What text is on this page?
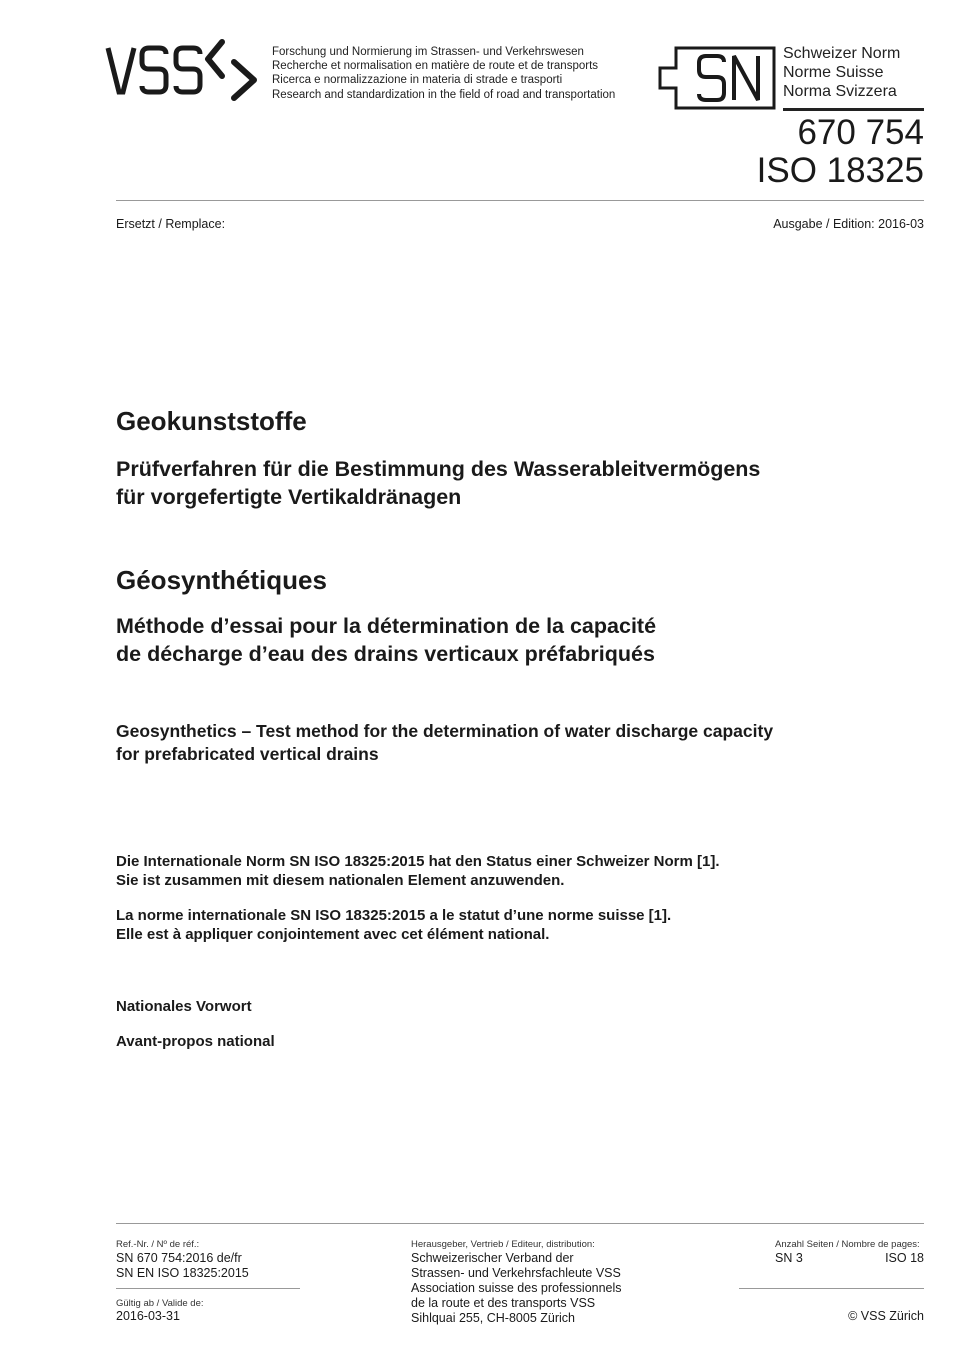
Forschung und Normierung im Strassen- und Verkehrswesen
Recherche et normalisation en matière de route et de transports
Ricerca e normalizzazione in materia di strade e trasporti
Research and standardization in the field of road and transportation
Schweizer Norm
Norme Suisse
Norma Svizzera
670 754
ISO 18325
Ersetzt / Remplace:	Ausgabe / Edition: 2016-03
Geokunststoffe
Prüfverfahren für die Bestimmung des Wasserableitvermögens
für vorgefertigte Vertikaldränagen
Géosynthétiques
Méthode d’essai pour la détermination de la capacité
de décharge d’eau des drains verticaux préfabriqués
Geosynthetics – Test method for the determination of water discharge capacity
for prefabricated vertical drains
Die Internationale Norm SN ISO 18325:2015 hat den Status einer Schweizer Norm [1].
Sie ist zusammen mit diesem nationalen Element anzuwenden.
La norme internationale SN ISO 18325:2015 a le statut d’une norme suisse [1].
Elle est à appliquer conjointement avec cet élément national.
Nationales Vorwort
Avant-propos national
Ref.-Nr. / Nº de réf.:
SN 670 754:2016 de/fr
SN EN ISO 18325:2015
Gültig ab / Valide de:
2016-03-31
Herausgeber, Vertrieb / Editeur, distribution:
Schweizerischer Verband der
Strassen- und Verkehrsfachleute VSS
Association suisse des professionnels
de la route et des transports VSS
Sihlquai 255, CH-8005 Zürich
Anzahl Seiten / Nombre de pages:
SN 3	ISO 18
© VSS Zürich
